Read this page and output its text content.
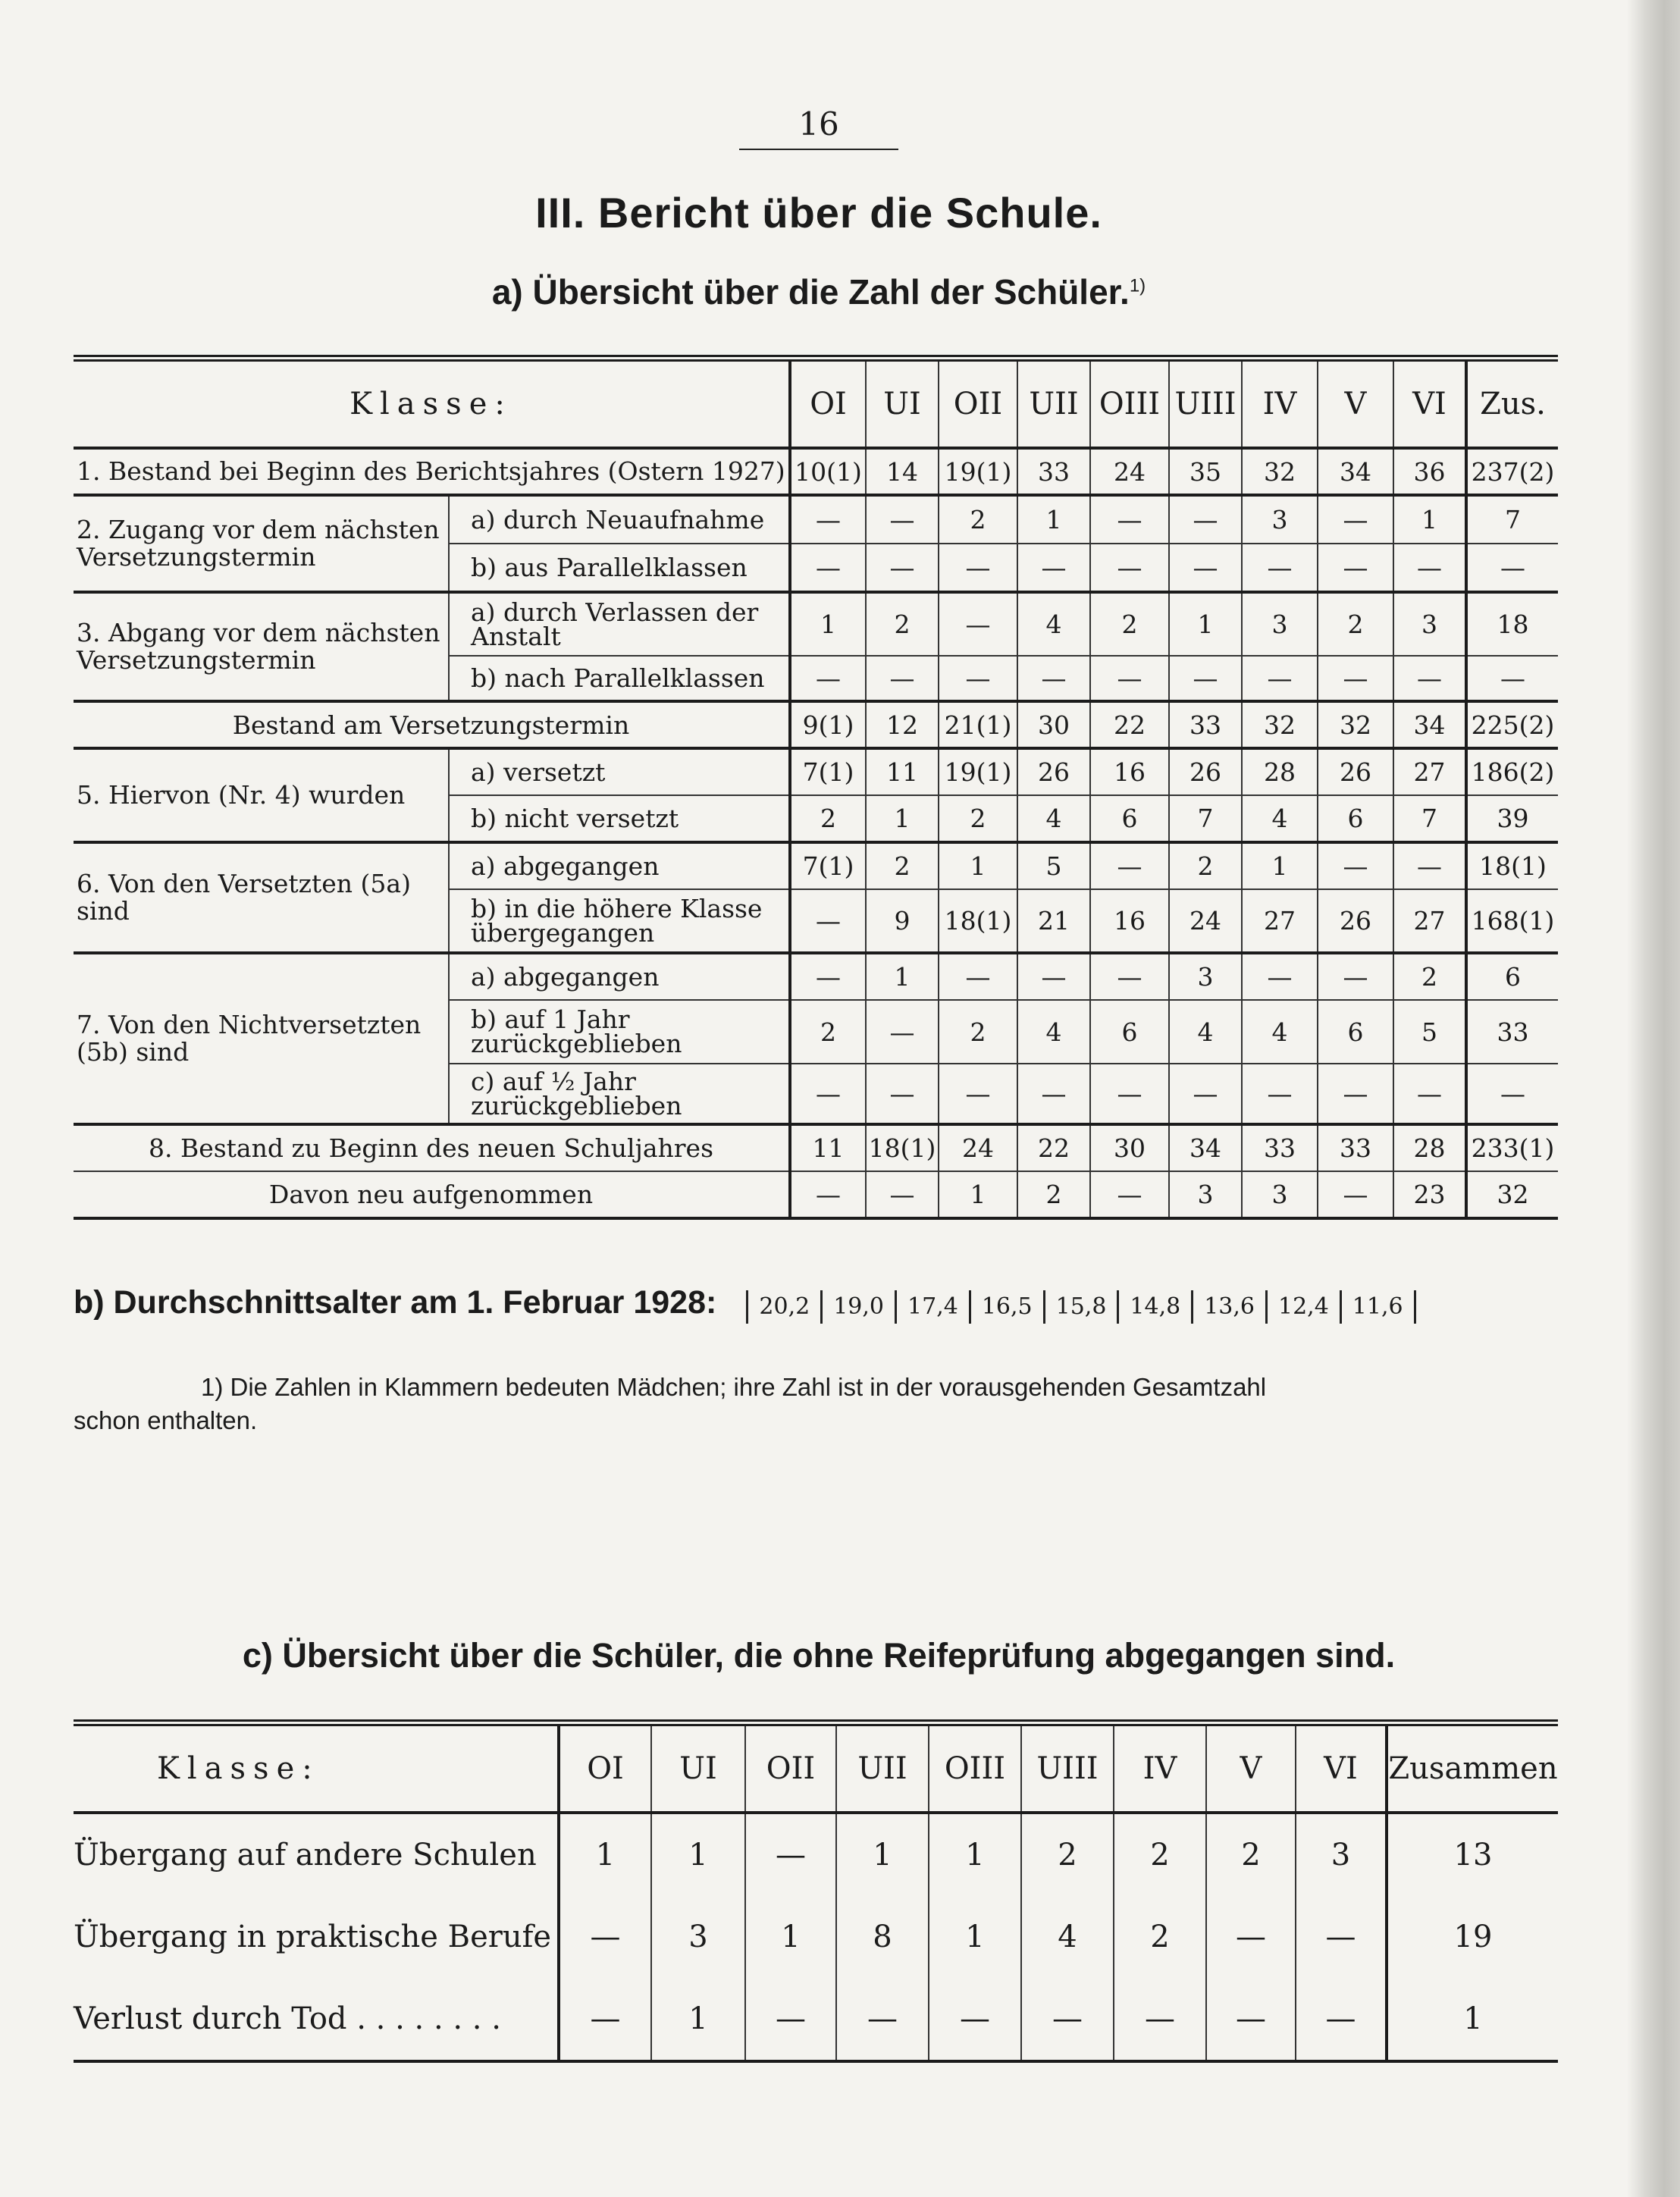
16
III. Bericht über die Schule.
a) Übersicht über die Zahl der Schüler.$^{1)}$
Klasse:		OI	UI	OII	UII	OIII	UIII	IV	V	VI	Zus.
1. Bestand bei Beginn des Berichtsjahres (Ostern 1927)		10(1)	14	19(1)	33	24	35	32	34	36	237(2)
2. Zugang vor dem nächsten Versetzungstermin	a) durch Neuaufnahme	—	—	2	1	—	—	3	—	1	7
	b) aus Parallelklassen	—	—	—	—	—	—	—	—	—	—
3. Abgang vor dem nächsten Versetzungstermin	a) durch Verlassen der Anstalt	1	2	—	4	2	1	3	2	3	18
	b) nach Parallelklassen	—	—	—	—	—	—	—	—	—	—
Bestand am Versetzungstermin		9(1)	12	21(1)	30	22	33	32	32	34	225(2)
5. Hiervon (Nr. 4) wurden	a) versetzt	7(1)	11	19(1)	26	16	26	28	26	27	186(2)
	b) nicht versetzt	2	1	2	4	6	7	4	6	7	39
6. Von den Versetzten (5a) sind	a) abgegangen	7(1)	2	1	5	—	2	1	—	—	18(1)
	b) in die höhere Klasse übergegangen	—	9	18(1)	21	16	24	27	26	27	168(1)
7. Von den Nichtversetzten (5b) sind	a) abgegangen	—	1	—	—	—	3	—	—	2	6
	b) auf 1 Jahr zurückgeblieben	2	—	2	4	6	4	4	6	5	33
	c) auf ½ Jahr zurückgeblieben	—	—	—	—	—	—	—	—	—	—
8. Bestand zu Beginn des neuen Schuljahres		11	18(1)	24	22	30	34	33	33	28	233(1)
Davon neu aufgenommen		—	—	1	2	—	3	3	—	23	32
b) Durchschnittsalter am 1. Februar 1928: 20,2 19,0 17,4 16,5 15,8 14,8 13,6 12,4 11,6
1) Die Zahlen in Klammern bedeuten Mädchen; ihre Zahl ist in der vorausgehenden Gesamtzahl
schon enthalten.
c) Übersicht über die Schüler, die ohne Reifeprüfung abgegangen sind.
Klasse:	OI	UI	OII	UII	OIII	UIII	IV	V	VI	Zusammen
Übergang auf andere Schulen	1	1	—	1	1	2	2	2	3	13
Übergang in praktische Berufe	—	3	1	8	1	4	2	—	—	19
Verlust durch Tod . . . . . . . .	—	1	—	—	—	—	—	—	—	1
